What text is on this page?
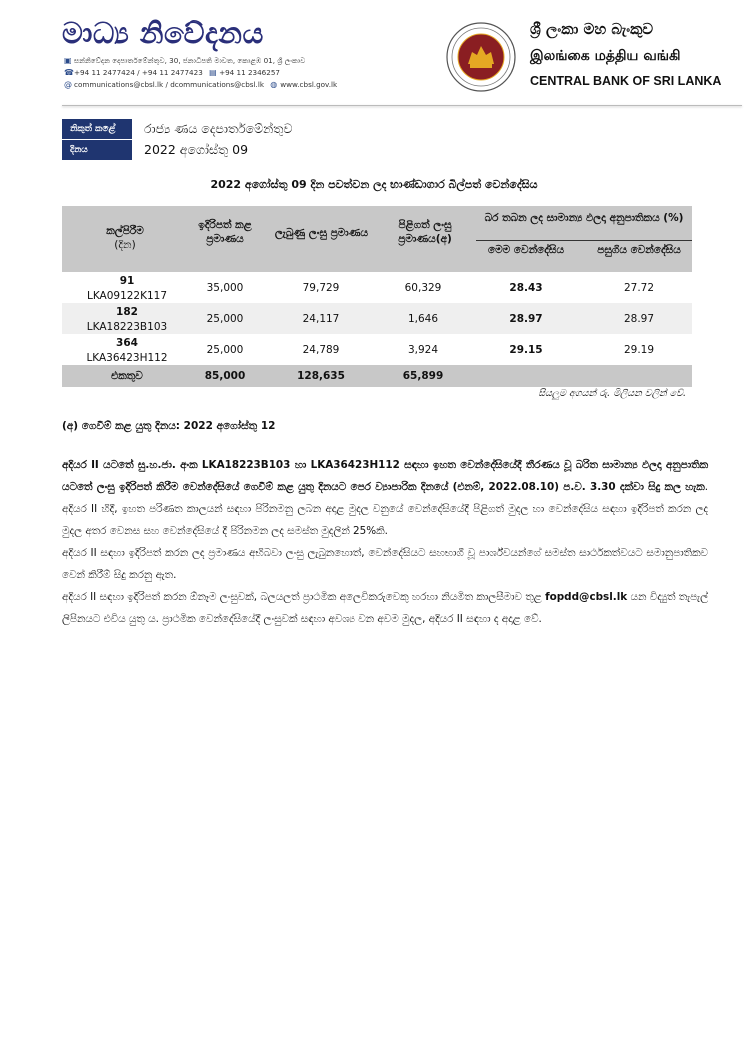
මාධ්‍ය නිවේදනය
▣ සන්නිවේදන දෙපාර්තමේන්තුව, 30, ජනාධිපති මාවත, කොළඹ 01, ශ්‍රී ලංකාව
☎+94 11 2477424 / +94 11 2477423 ▤ +94 11 2346257
@ communications@cbsl.lk / dcommunications@cbsl.lk ◍ www.cbsl.gov.lk
ශ්‍රී ලංකා මහ බැංකුව
இலங்கை மத்திய வங்கி
CENTRAL BANK OF SRI LANKA
නිකුත් කළේ	රාජ්‍ය ණය දෙපාර්තමේන්තුව
දිනය	2022 අගෝස්තු 09
2022 අගෝස්තු 09 දින පවත්වන ලද භාණ්ඩාගාර බිල්පත් වෙන්දේසිය
කල්පිරීම
(දින)
ඉදිරිපත් කළ ප්‍රමාණය	ලැබුණු ලංසු ප්‍රමාණය
පිළිගත් ලංසු ප්‍රමාණය(අ)
බර තබන ලද සාමාන්‍ය ඵලදා අනුපාතිකය (%)
මෙම වෙන්දේසිය	පසුගිය වෙන්දේසිය
91
LKA09122K117
35,000	79,729	60,329	28.43	27.72
182
LKA18223B103
25,000	24,117	1,646	28.97	28.97
364
LKA36423H112
25,000	24,789	3,924	29.15	29.19
එකතුව	85,000	128,635	65,899
සියලුම අගයන් රු. මිලියන වලින් වේ.
(අ) ගෙවීම් කළ යුතු දිනය: 2022 අගෝස්තු 12

අදියර II යටතේ සු.හ.ජා. අංක LKA18223B103 හා LKA36423H112 සඳහා ඉහත වෙන්දේසියේදී තීරණය වූ බරිත සාමාන්‍ය ඵලදා අනුපාතික යටතේ ලංසු ඉදිරිපත් කිරීම වෙන්දේසියේ ගෙවීම් කළ යුතු දිනයට පෙර ව්‍යාපාරික දිනයේ (එනම්, 2022.08.10) ප.ව. 3.30 දක්වා සිදු කල හැක. අදියර II හිදී, ඉහත පරිණත කාලයන් සඳහා පිරිනමනු ලබන අදාළ මුදල වනුයේ වෙන්දේසියේදී පිළිගත් මුදල හා වෙන්දේසිය සඳහා ඉදිරිපත් කරන ලද මුදල අතර වෙනස සහ වෙන්දේසියේ දී පිරිනමන ලද සමස්ත මුදලින් 25%කි.

අදියර II සඳහා ඉදිරිපත් කරන ලද ප්‍රමාණය අභිබවා ලංසු ලැබුනහොත්, වෙන්දේසියට සහභාගී වූ පාර්ශ්වයන්ගේ සමස්ත සාර්ථකත්වයට සමානුපාතිකව වෙන් කිරීම් සිදු කරනු ඇත.

අදියර II සඳහා ඉදිරිපත් කරන ඕනෑම ලංසුවක්, බලයලත් ප්‍රාථමික අලෙවිකරුවෙකු හරහා නියමිත කාලසීමාව තුළ fopdd@cbsl.lk යන විද්‍යුත් තැපැල් ලිපිනයට එවිය යුතු ය. ප්‍රාථමික වෙන්දේසියේදී ලංසුවක් සඳහා අවශ්‍ය වන අවම මුදල, අදියර II සඳහා ද අදාළ වේ.
